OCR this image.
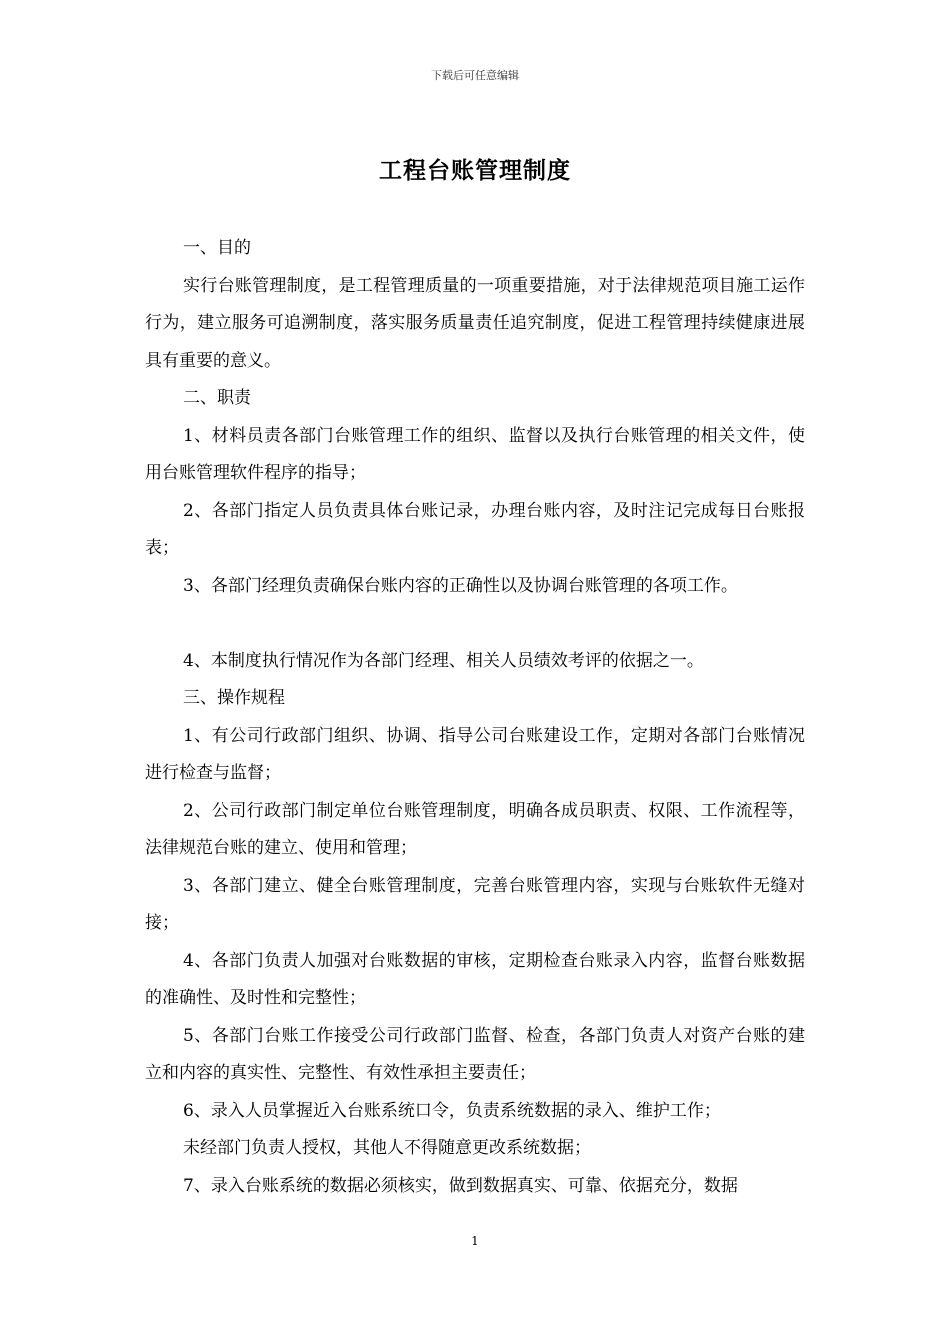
下载后可任意编辑
工程台账管理制度

一、目的

实行台账管理制度，是工程管理质量的一项重要措施，对于法律规范项目施工运作行为，建立服务可追溯制度，落实服务质量责任追究制度，促进工程管理持续健康进展具有重要的意义。

二、职责

1、材料员责各部门台账管理工作的组织、监督以及执行台账管理的相关文件，使用台账管理软件程序的指导；

2、各部门指定人员负责具体台账记录，办理台账内容，及时注记完成每日台账报表；

3、各部门经理负责确保台账内容的正确性以及协调台账管理的各项工作。

4、本制度执行情况作为各部门经理、相关人员绩效考评的依据之一。

三、操作规程

1、有公司行政部门组织、协调、指导公司台账建设工作，定期对各部门台账情况进行检查与监督；

2、公司行政部门制定单位台账管理制度，明确各成员职责、权限、工作流程等，法律规范台账的建立、使用和管理；

3、各部门建立、健全台账管理制度，完善台账管理内容，实现与台账软件无缝对接；

4、各部门负责人加强对台账数据的审核，定期检查台账录入内容，监督台账数据的准确性、及时性和完整性；

5、各部门台账工作接受公司行政部门监督、检查，各部门负责人对资产台账的建立和内容的真实性、完整性、有效性承担主要责任；

6、录入人员掌握近入台账系统口令，负责系统数据的录入、维护工作；

未经部门负责人授权，其他人不得随意更改系统数据；

7、录入台账系统的数据必须核实，做到数据真实、可靠、依据充分，数据

1
